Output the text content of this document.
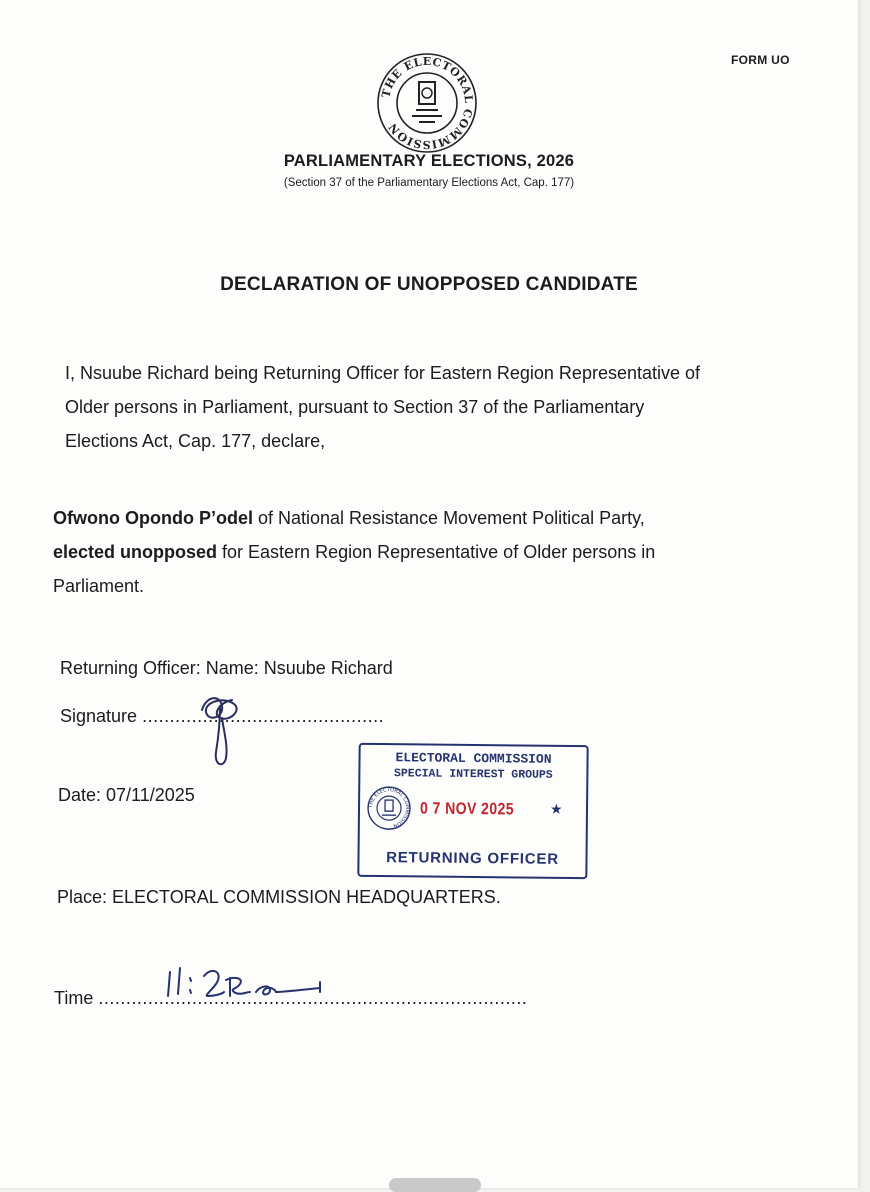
FORM UO
THE ELECTORAL COMMISSION
PARLIAMENTARY ELECTIONS, 2026
(Section 37 of the Parliamentary Elections Act, Cap. 177)
DECLARATION OF UNOPPOSED CANDIDATE
I, Nsuube Richard being Returning Officer for Eastern Region Representative of
Older persons in Parliament, pursuant to Section 37 of the Parliamentary
Elections Act, Cap. 177, declare,
Ofwono Opondo P’odel of National Resistance Movement Political Party,
elected unopposed for Eastern Region Representative of Older persons in
Parliament.
Returning Officer: Name: Nsuube Richard
Signature ............................................
Date: 07/11/2025
ELECTORAL COMMISSION
SPECIAL INTEREST GROUPS
THE ELECTORAL COMMISSION
0 7 NOV 2025	★
RETURNING OFFICER
Place: ELECTORAL COMMISSION HEADQUARTERS.
Time ..............................................................................
